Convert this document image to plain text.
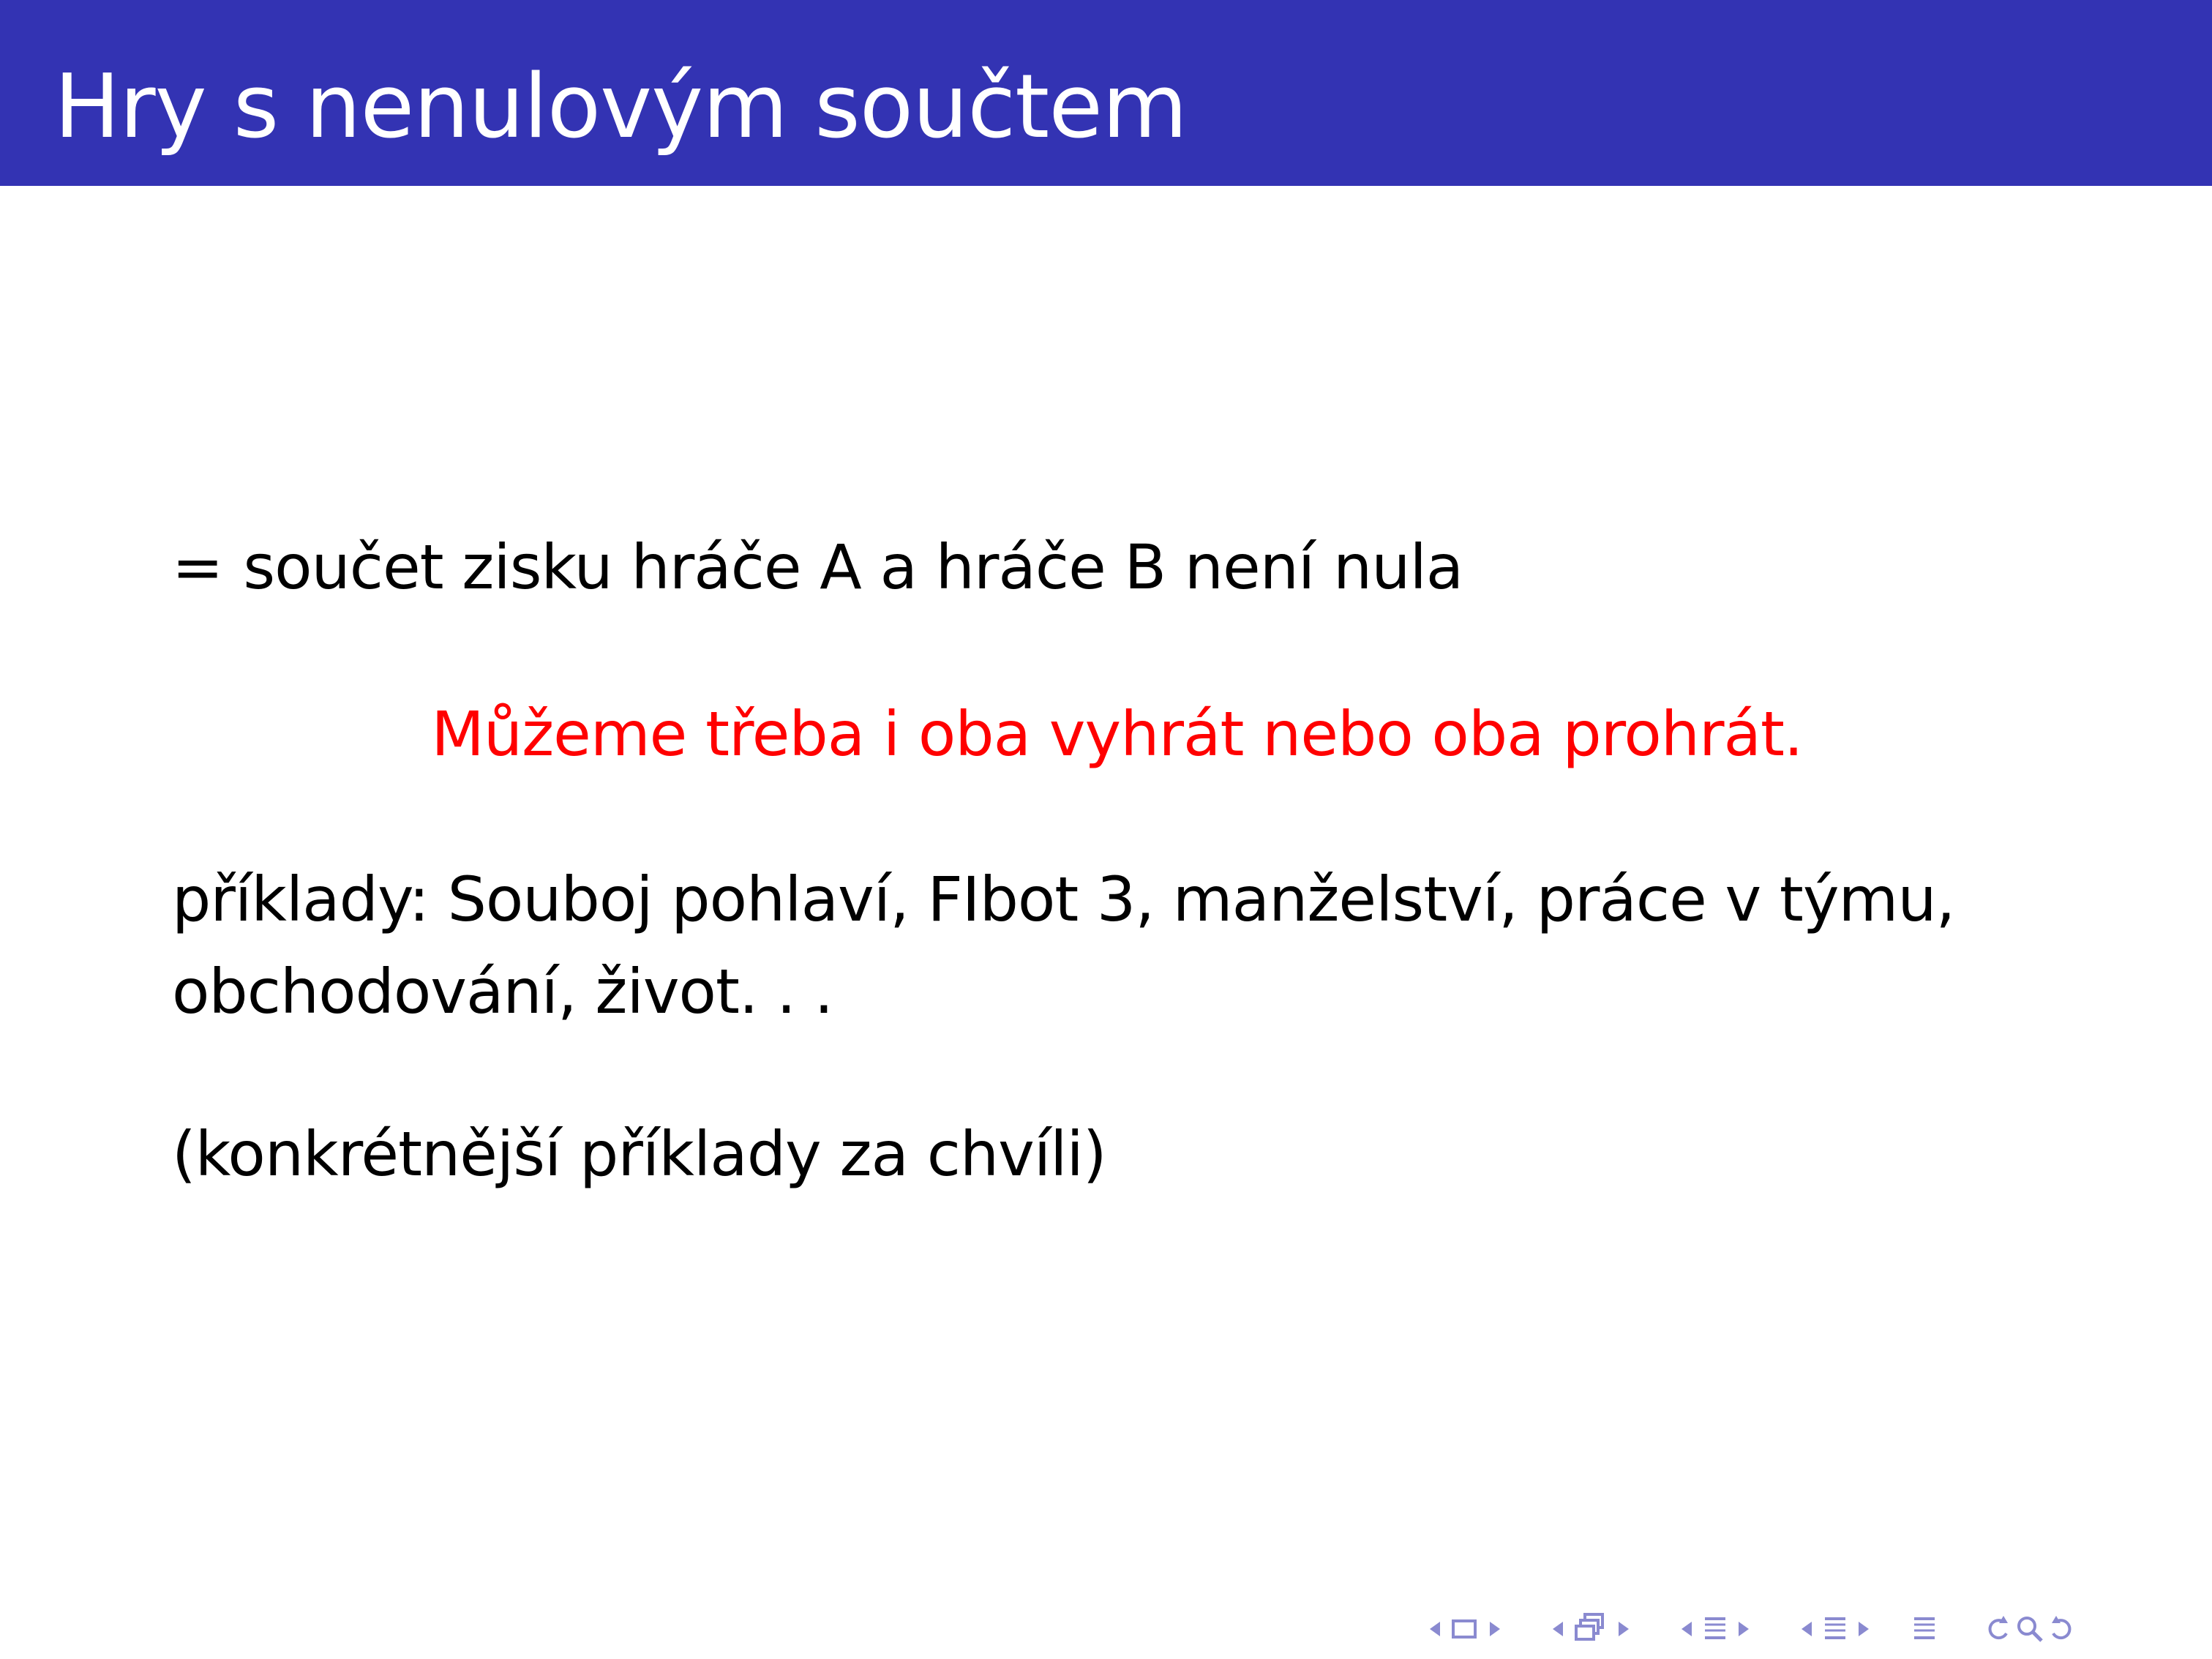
Hry s nenulovým součtem
= součet zisku hráče A a hráče B není nula
Můžeme třeba i oba vyhrát nebo oba prohrát.
příklady: Souboj pohlaví, FIbot 3, manželství, práce v týmu,
obchodování, život. . .
(konkrétnější příklady za chvíli)
